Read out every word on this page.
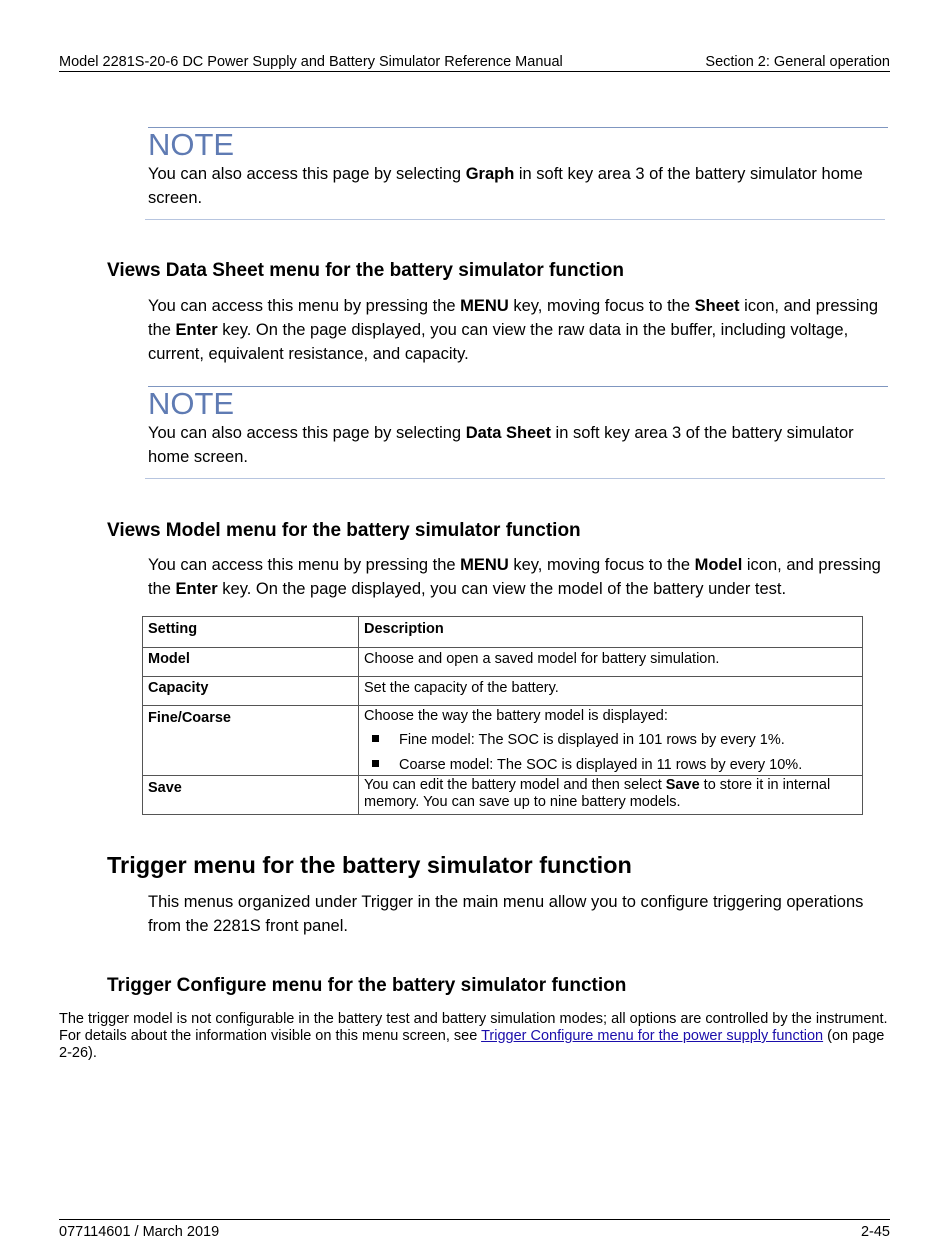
Model 2281S-20-6 DC Power Supply and Battery Simulator Reference Manual	Section 2: General operation
NOTE
You can also access this page by selecting Graph in soft key area 3 of the battery simulator home screen.
Views Data Sheet menu for the battery simulator function
You can access this menu by pressing the MENU key, moving focus to the Sheet icon, and pressing the Enter key. On the page displayed, you can view the raw data in the buffer, including voltage, current, equivalent resistance, and capacity.
NOTE
You can also access this page by selecting Data Sheet in soft key area 3 of the battery simulator home screen.
Views Model menu for the battery simulator function
You can access this menu by pressing the MENU key, moving focus to the Model icon, and pressing the Enter key. On the page displayed, you can view the model of the battery under test.
Setting	Description
Model	Choose and open a saved model for battery simulation.
Capacity	Set the capacity of the battery.
Fine/Coarse	Choose the way the battery model is displayed:
Fine model: The SOC is displayed in 101 rows by every 1%.
Coarse model: The SOC is displayed in 11 rows by every 10%.

Save	You can edit the battery model and then select Save to store it in internal memory. You can save up to nine battery models.
Trigger menu for the battery simulator function
This menus organized under Trigger in the main menu allow you to configure triggering operations from the 2281S front panel.
Trigger Configure menu for the battery simulator function
The trigger model is not configurable in the battery test and battery simulation modes; all options are controlled by the instrument. For details about the information visible on this menu screen, see Trigger Configure menu for the power supply function (on page 2-26).
077114601 / March 2019	2-45
